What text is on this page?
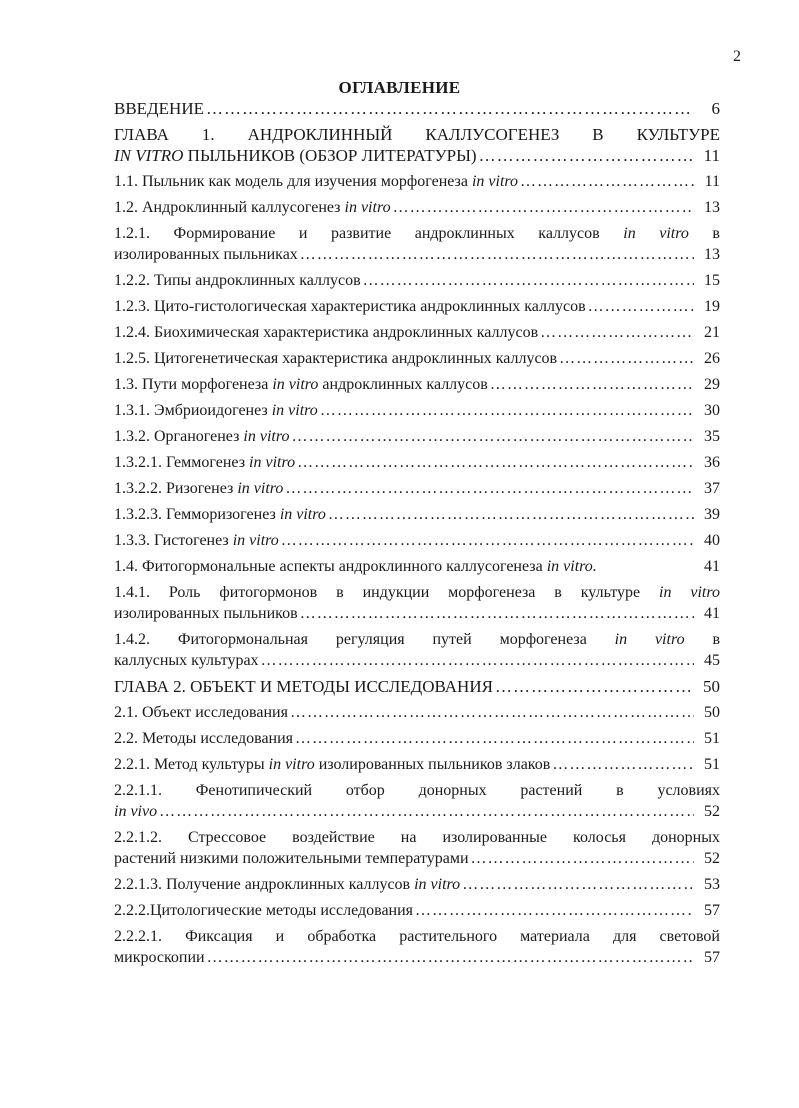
2
ОГЛАВЛЕНИЕ
ВВЕДЕНИЕ ………………………………………………………………………………………………………………………………………………………………………………………………	6
ГЛАВА 1. АНДРОКЛИННЫЙ КАЛЛУСОГЕНЕЗ В КУЛЬТУРЕ
IN VITRO ПЫЛЬНИКОВ (ОБЗОР ЛИТЕРАТУРЫ) ………………………………………………………………………………………………………………………………………………………………………………………………	11
1.1. Пыльник как модель для изучения морфогенеза in vitro ………………………………………………………………………………………………………………………………………………………………………………………………	11
1.2. Андроклинный каллусогенез in vitro ………………………………………………………………………………………………………………………………………………………………………………………………	13
1.2.1. Формирование и развитие андроклинных каллусов in vitro в
изолированных пыльниках ………………………………………………………………………………………………………………………………………………………………………………………………	13
1.2.2. Типы андроклинных каллусов ………………………………………………………………………………………………………………………………………………………………………………………………	15
1.2.3. Цито-гистологическая характеристика андроклинных каллусов ………………………………………………………………………………………………………………………………………………………………………………………………	19
1.2.4. Биохимическая характеристика андроклинных каллусов ………………………………………………………………………………………………………………………………………………………………………………………………	21
1.2.5. Цитогенетическая характеристика андроклинных каллусов ………………………………………………………………………………………………………………………………………………………………………………………………	26
1.3. Пути морфогенеза in vitro андроклинных каллусов ………………………………………………………………………………………………………………………………………………………………………………………………	29
1.3.1. Эмбриоидогенез in vitro ………………………………………………………………………………………………………………………………………………………………………………………………	30
1.3.2. Органогенез in vitro ………………………………………………………………………………………………………………………………………………………………………………………………	35
1.3.2.1. Геммогенез in vitro ………………………………………………………………………………………………………………………………………………………………………………………………	36
1.3.2.2. Ризогенез in vitro ………………………………………………………………………………………………………………………………………………………………………………………………	37
1.3.2.3. Гемморизогенез in vitro ………………………………………………………………………………………………………………………………………………………………………………………………	39
1.3.3. Гистогенез in vitro ………………………………………………………………………………………………………………………………………………………………………………………………	40
1.4. Фитогормональные аспекты андроклинного каллусогенеза in vitro.	41
1.4.1. Роль фитогормонов в индукции морфогенеза в культуре in vitro
изолированных пыльников ………………………………………………………………………………………………………………………………………………………………………………………………	41
1.4.2. Фитогормональная регуляция путей морфогенеза in vitro в
каллусных культурах ………………………………………………………………………………………………………………………………………………………………………………………………	45
ГЛАВА 2. ОБЪЕКТ И МЕТОДЫ ИССЛЕДОВАНИЯ ………………………………………………………………………………………………………………………………………………………………………………………………	50
2.1. Объект исследования ………………………………………………………………………………………………………………………………………………………………………………………………	50
2.2. Методы исследования ………………………………………………………………………………………………………………………………………………………………………………………………	51
2.2.1. Метод культуры in vitro изолированных пыльников злаков ………………………………………………………………………………………………………………………………………………………………………………………………	51
2.2.1.1. Фенотипический отбор донорных растений в условиях
in vivo ………………………………………………………………………………………………………………………………………………………………………………………………	52
2.2.1.2. Стрессовое воздействие на изолированные колосья донорных
растений низкими положительными температурами ………………………………………………………………………………………………………………………………………………………………………………………………	52
2.2.1.3. Получение андроклинных каллусов in vitro ………………………………………………………………………………………………………………………………………………………………………………………………	53
2.2.2.Цитологические методы исследования ………………………………………………………………………………………………………………………………………………………………………………………………	57
2.2.2.1. Фиксация и обработка растительного материала для световой
микроскопии ………………………………………………………………………………………………………………………………………………………………………………………………	57
